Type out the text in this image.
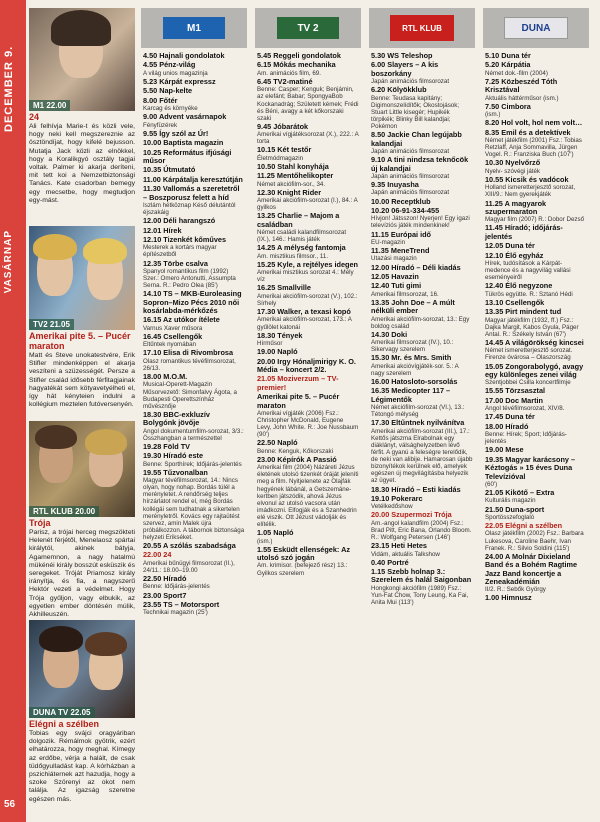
DECEMBER 9.
VASÁRNAP
56
M1 22.00
24
Ali felhívja Marie-t és közli vele, hogy neki kell megszereznie az ösztöndíjat, hogy kifelé bejusson. Mutatja Jack közli az elnökkel, hogy a Koralikgyó osztály tagjai voltak. Palmer ki akarja deríteni, mit tett koi a Nemzetbiztonsági Tanács. Kate csadorban bemegy egy mecsetbe, hogy megtudjon egy-mást.
TV2 21.05
Amerikai pite 5. – Pucér maraton
Matt és Steve unokatestvére, Erik Stifler mindenképpen el akarja veszíteni a szüzességét. Persze a Stifler család idősebb férfitagjainak hagyatékát sem kötyavetyélheti el, így hát kényteien indulni a kollégium meztelen futóversenyén.
RTL KLUB 20.00
Trója
Parisz, a trójai herceg megszökteti Helenét férjétől, Menelaosz spártai királytól, akinek bátyja, Agamemnon, a nagy hatalmú mükénéi király bosszút esküszik és seregeket. Tróját Priamosz király irányítja, és fia, a nagyszerű Hektór vezeti a védelmet. Hogy Trója gyűljon, vagy elbukik, az egyetlen ember döntésén múlik, Akhilleuszén.
DUNA TV 22.05
Elégni a szélben
Tobias egy svájci oragyáriban dolgozik. Rémálmok gyötrik, ezért elhatározza, hogy meghal. Kímegy az erdőbe, vérja a halált, de csak tüdőgyulladást kap. A kórházban a pszichiáternek azt hazudja, hogy a szoke Szörenyi az okot nem találja. Az igazság szeretne egészen más.
M1
4.50 Hajnali gondolatok
4.55 Pénz-világ
A világ unios magazinja
5.23 Kárpát expressz
5.50 Nap-kelte
8.00 Főtér
Karcag és környéke
9.00 Advent vasárnapok
Fényfüzérek
9.55 Így szól az Úr!
10.00 Baptista magazin
10.25 Református ifjúsági műsor
10.35 Útmutató
11.00 Kárpátalja keresztútján
11.30 Vallomás a szeretetről – Boszporusz felett a híd
Iszlám hétköznap Késő délutántól éjszakáig
12.00 Déli harangszó
12.01 Hírek
12.10 Tizenkét kőműves
Mesterek a kortárs magyar építészetből
12.35 Törbe csalva
Spanyol romantikus film (1992) Szer.: Omero Antonutti, Assumpta Serna. R.: Pedro Olea (85')
14.10 TS – MKB-Euroleasing Sopron–Mizo Pécs 2010 női kosárlabda-mérkőzés
16.15 Az utókor ítélete
Varnus Xaver műsora
16.45 Csellengők
Eltűntek nyomában
17.10 Elisa di Rivombrosa
Olasz romantikus tévéfilmsorozat, 26/13.
18.00 M.O.M.
Musical-Operett-Magazin Műsorvezető: Simonfalvy Ágota, a Budapesti Operettszínház művésznője
18.30 BBC-exkluzív Bolygónk jövője
Angol dokumentumfilm-sorozat, 3/3.: Összhangban a természettel
19.28 Föld TV
19.30 Híradó este
Benne: Sporthírek; Időjárás-jelentés
19.55 Tűzvonalban
Magyar tévéfilmsorozat, 14.: Nincs olyan, hogy nohap. Bordás túlél a merényletet. A rendőrség teljes hírzárlatot rendel el, még Bordás kollégái sem tudhatnak a sikertelen merényletről. Kovács egy rajtaütést szervez, amin Malek újra próbálkozzon. A tábornok biztonsága helyzeti Erikséket.
20.55 A szólás szabadsága
22.00 24
Amerikai bűnügyi filmsorozat (II.), 24/11.: 18.00–19.00
22.50 Híradó
Benne: Időjárás-jelentés
23.00 Sport7
23.55 TS – Motorsport
Technikai magazin (25')
TV 2
5.45 Reggeli gondolatok
6.15 Mókás mechanika
Am. animációs film, 69.
6.45 TV2-matiné
Benne: Casper; Kenguk; Benjámin, az elefánt; Babar; SpongyaBob Kockanadrág; Született kémek; Frédi és Béni, avagy a két kőkorszaki szaki
9.45 Jóbarátok
Amerikai vígjátéksorozat (X.), 222.: A torta
10.15 Két testőr
Életmódmagazin
10.50 Stahl konyhája
11.25 Mentőhelikopter
Német akciófilm-sor., 34.
12.30 Knight Rider
Amerikai akciófilm-sorozat (I.), 84.: A gyilkos
13.25 Charlie – Majom a családban
Német családi kalandfilmsorozat (IX.), 146.: Hamis játék
14.25 A mélység fantomja
Am. misztikus filmsor., 11.
15.25 Kyle, a rejtélyes idegen
Amerikai misztikus sorozat 4.: Mély víz
16.25 Smallville
Amerikai akciófilm-sorozat (V.), 102.: Sírhely
17.30 Walker, a texasi kopó
Amerikai akciófilm-sorozat, 173.: A gyűlölet katonái
18.30 Tények
Hírműsor
19.00 Napló
20.00 Irgy Hónaljmirigy K. O. Média – koncert 2/2.
21.05 Moziverzum – TV-premier!
Amerikai pite 5. – Pucér maraton
Amerikai vígjáték (2006) Fsz.: Christopher McDonald, Eugene Levy, John White. R.: Joe Nussbaum (90')
22.50 Napló
Benne: Kenguk, Kőkorszaki
23.00 Képírók A Passió
Amerikai film (2004) Názáreti Jézus életének utolsó tizenkét óráját jeleníti meg a film. Nyitjelenete az Olajfák hegyének lábánál, a Getszemáne-kertben játszódik, ahová Jézus elvonul az utolsó vacsora után imádkozni. Elfogják és a Szanhedrin elé viszik. Ott Jézust vádolják és elítélik.
1.05 Napló
(ism.)
1.55 Esküdt ellenségek: Az utolsó szó jogán
Am. krimisor. (befejező rész) 13.: Gyilkos szerelem
RTL KLUB
5.30 WS Teleshop
6.00 Slayers – A kis boszorkány
Japán animációs filmsorozat
6.20 Kölyökklub
Benne: Teudasa kapitány; Digimonszelídítők; Okostojások; Stuart Little kisegér; Hupikék törpikék; Blinky Bill kalandjai; Pokémon
8.50 Jackie Chan legújabb kalandjai
Japán animációs filmsorozat
9.10 A tini nindzsa teknőcök új kalandjai
Japán animációs filmsorozat
9.35 Inuyasha
Japán animációs filmsorozat
10.00 Receptklub
10.20 06-91-334-455
Hívjon! Játsszon! Nyerjen! Egy igazi televíziós játék mindenkinek!
11.15 Európai idő
EU-magazin
11.35 MeneTrend
Utazási magazin
12.00 Híradó – Déli kiadás
12.05 Havazin
12.40 Tuti gimi
Amerikai filmsorozat, 16.
13.35 John Doe – A múlt nélküli ember
Amerikai akciófilm-sorozat, 13.: Egy boldog család
14.30 Doki
Amerikai filmsorozat (IV.), 10.: Sikervagy szerelem
15.30 Mr. és Mrs. Smith
Amerikai akcióvígjáték-sor. 5.: A nagy szerelem
16.00 Hatosloto-sorsolás
16.35 Medicopter 117 – Légimentők
Német akciófilm-sorozat (VI.), 13.: Tétongó mélység
17.30 Eltűntnek nyilvánítva
Amerikai akciófilm-sorozat (III.), 17.: Kettős játszma Elrabolnak egy diáklányt, válsághelyzetben lévő férfit. A gyanú a feleségre terelődik, de neki van alibije. Hamarosan újabb bizonyítékok kerülnek elő, amelyek egészen új megvilágításba helyezik az ügyet.
18.30 Híradó – Esti kiadás
19.10 Pokerarc
Vetélkedőshow
20.00 Szupermozi Trója
Am.-angol kalandfilm (2004) Fsz.: Brad Pitt, Eric Bana, Orlando Bloom. R.: Wolfgang Petersen (146')
23.15 Heti Hetes
Vidám, aktuális Talkshow
0.40 Portré
1.15 Szebb holnap 3.: Szerelem és halál Saigonban
Hongkongi akciófilm (1989) Fsz.: Yun-Fat Chow, Tony Leung, Ka Fai, Anita Mui (113')
DUNA
5.10 Duna tér
5.20 Kárpátia
Német dok.-film (2004)
7.25 Közbeszéd Tóth Krisztával
Aktuális háttérműsor (ism.)
7.50 Cimbora
(ism.)
8.20 Hol volt, hol nem volt…
8.35 Emil és a detektívek
Német játékfilm (2001) Fsz.: Tobias Retzlaff, Anja Sommavilla, Jürgen Vogel. R.: Franziska Buch (107')
10.30 Nyelvőrző
Nyelv- szóvégi játék
10.55 Kicsik és vadócok
Holland ismeretterjesztő sorozat, XIII/9.: Nem gyerekjáték
11.25 A magyarok szupermaraton
Magyar film (2007) R.: Dobor Dezső
11.45 Híradó; időjárás-jelentés
12.05 Duna tér
12.10 Élő egyház
Hírek, tudósítások a Kárpát-medence és a nagyvilág vallási eseményeiről
12.40 Élő negyzone
Tükrös együtte. R.: Sztanó Hédi
13.10 Csellengők
13.35 Pirt mindent tud
Magyar játékfilm (1932, ff.) Fsz.: Dajka Margit, Kabos Gyula, Páger Antal. R.: Székely István (67')
14.45 A világörökség kincsei
Német ismeretterjesztő sorozat. Firenze óvárosa – Olaszország
15.05 Zongorabolygó, avagy egy különleges zenei világ
Szentjobbei Csilla koncertfilmje
15.55 Törzsasztal
17.00 Doc Martin
Angol tévéfilmsorozat, XIV/8.
17.45 Duna tér
18.00 Híradó
Benne: Hírek; Sport; Időjárás-jelentés
19.00 Mese
19.35 Magyar karácsony – Kéztogás » 15 éves Duna Televízióval
(60')
21.05 Kikötő – Extra
Kulturális magazin
21.50 Duna-sport
Sportösszefoglaló
22.05 Elégni a szélben
Olasz játékfilm (2002) Fsz.: Barbara Lukesova, Caroline Baehr, Ivan Franek. R.: Silvio Soldini (115')
24.00 A Molnár Dixieland Band és a Bohém Ragtime Jazz Band koncertje a Zeneakadémián
II/2. R.: Sebők György
1.00 Himnusz
